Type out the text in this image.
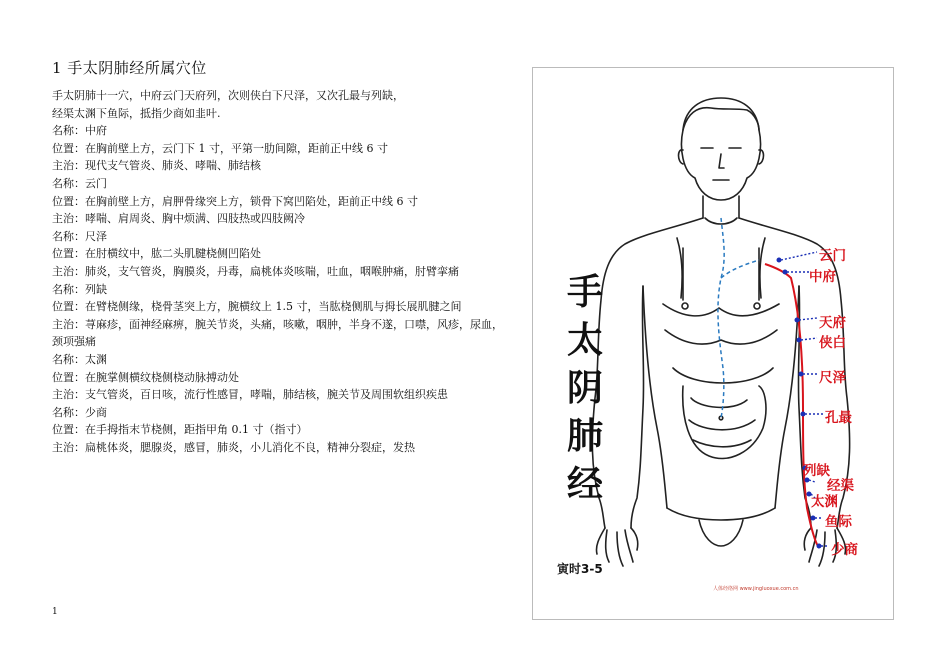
1 手太阴肺经所属穴位
手太阴肺十一穴，中府云门天府列，次则侠白下尺泽，又次孔最与列缺，
经渠太渊下鱼际，抵指少商如韭叶.
名称：中府
位置：在胸前壁上方，云门下 1 寸，平第一肋间隙，距前正中线 6 寸
主治：现代支气管炎、肺炎、哮喘、肺结核
名称：云门
位置：在胸前壁上方，肩胛骨缘突上方，锁骨下窝凹陷处，距前正中线 6 寸
主治：哮喘、肩周炎、胸中烦满、四肢热或四肢阙冷
名称：尺泽
位置：在肘横纹中，肱二头肌腱桡侧凹陷处
主治：肺炎，支气管炎，胸膜炎，丹毒，扁桃体炎咳喘，吐血，咽喉肿痛，肘臂挛痛
名称：列缺
位置：在臂桡侧缘，桡骨茎突上方，腕横纹上 1.5 寸，当肱桡侧肌与拇长展肌腱之间
主治：荨麻疹，面神经麻痹，腕关节炎，头痛，咳嗽，咽肿，半身不遂，口噤，风疹，尿血，
颈项强痛
名称：太渊
位置：在腕掌侧横纹桡侧桡动脉搏动处
主治：支气管炎，百日咳，流行性感冒，哮喘，肺结核，腕关节及周围软组织疾患
名称：少商
位置：在手拇指末节桡侧，距指甲角 0.1 寸（指寸）
主治：扁桃体炎，腮腺炎，感冒，肺炎，小儿消化不良，精神分裂症，发热
1
手
太
阴
肺
经
云门
中府
天府
侠白
尺泽
孔最
列缺
经渠
太渊
鱼际
少商
寅时3-5
人体经络网 www.jingluoxue.com.cn
